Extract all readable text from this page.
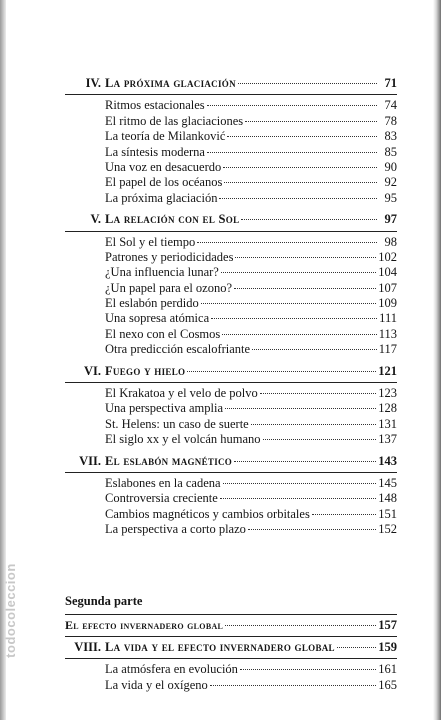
todocoleccion
IV. La próxima glaciación	71
Ritmos estacionales	74
El ritmo de las glaciaciones	78
La teoría de Milanković	83
La síntesis moderna	85
Una voz en desacuerdo	90
El papel de los océanos	92
La próxima glaciación	95
V. La relación con el Sol	97
El Sol y el tiempo	98
Patrones y periodicidades	102
¿Una influencia lunar?	104
¿Un papel para el ozono?	107
El eslabón perdido	109
Una sopresa atómica	111
El nexo con el Cosmos	113
Otra predicción escalofriante	117
VI. Fuego y hielo	121
El Krakatoa y el velo de polvo	123
Una perspectiva amplia	128
St. Helens: un caso de suerte	131
El siglo xx y el volcán humano	137
VII. El eslabón magnético	143
Eslabones en la cadena	145
Controversia creciente	148
Cambios magnéticos y cambios orbitales	151
La perspectiva a corto plazo	152
Segunda parte
El efecto invernadero global	157
VIII. La vida y el efecto invernadero global	159
La atmósfera en evolución	161
La vida y el oxígeno	165
